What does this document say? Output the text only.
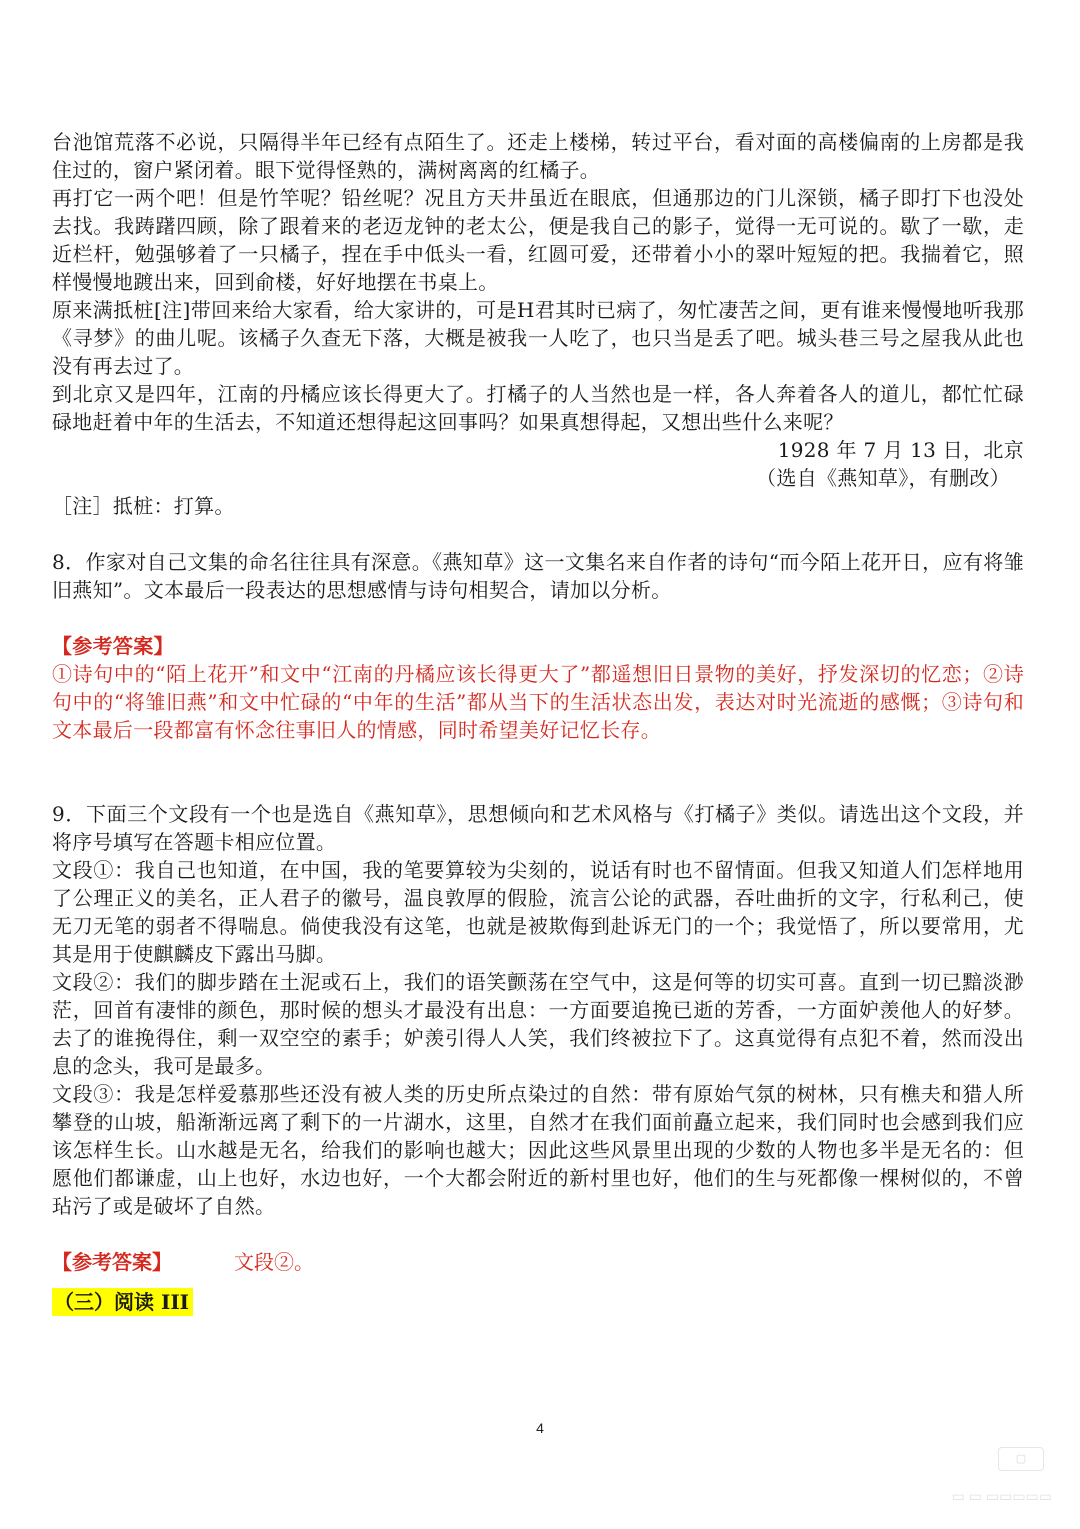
台池馆荒落不必说，只隔得半年已经有点陌生了。还走上楼梯，转过平台，看对面的高楼偏南的上房都是我住过的，窗户紧闭着。眼下觉得怪熟的，满树离离的红橘子。

再打它一两个吧！但是竹竿呢？铅丝呢？况且方天井虽近在眼底，但通那边的门儿深锁，橘子即打下也没处去找。我踌躇四顾，除了跟着来的老迈龙钟的老太公，便是我自己的影子，觉得一无可说的。歇了一歇，走近栏杆，勉强够着了一只橘子，捏在手中低头一看，红圆可爱，还带着小小的翠叶短短的把。我揣着它，照样慢慢地踱出来，回到俞楼，好好地摆在书桌上。

原来满抵桩[注]带回来给大家看，给大家讲的，可是H君其时已病了，匆忙凄苦之间，更有谁来慢慢地听我那《寻梦》的曲儿呢。该橘子久查无下落，大概是被我一人吃了，也只当是丢了吧。城头巷三号之屋我从此也没有再去过了。

到北京又是四年，江南的丹橘应该长得更大了。打橘子的人当然也是一样，各人奔着各人的道儿，都忙忙碌碌地赶着中年的生活去，不知道还想得起这回事吗？如果真想得起，又想出些什么来呢？

1928 年 7 月 13 日，北京

（选自《燕知草》，有删改）

［注］抵桩：打算。

8．作家对自己文集的命名往往具有深意。《燕知草》这一文集名来自作者的诗句“而今陌上花开日，应有将雏旧燕知”。文本最后一段表达的思想感情与诗句相契合，请加以分析。

【参考答案】

①诗句中的“陌上花开”和文中“江南的丹橘应该长得更大了”都遥想旧日景物的美好，抒发深切的忆恋；②诗句中的“将雏旧燕”和文中忙碌的“中年的生活”都从当下的生活状态出发，表达对时光流逝的感慨；③诗句和文本最后一段都富有怀念往事旧人的情感，同时希望美好记忆长存。

9．下面三个文段有一个也是选自《燕知草》，思想倾向和艺术风格与《打橘子》类似。请选出这个文段，并将序号填写在答题卡相应位置。

文段①：我自己也知道，在中国，我的笔要算较为尖刻的，说话有时也不留情面。但我又知道人们怎样地用了公理正义的美名，正人君子的徽号，温良敦厚的假脸，流言公论的武器，吞吐曲折的文字，行私利己，使无刀无笔的弱者不得喘息。倘使我没有这笔，也就是被欺侮到赴诉无门的一个；我觉悟了，所以要常用，尤其是用于使麒麟皮下露出马脚。

文段②：我们的脚步踏在土泥或石上，我们的语笑颤荡在空气中，这是何等的切实可喜。直到一切已黯淡渺茫，回首有凄悱的颜色，那时候的想头才最没有出息：一方面要追挽已逝的芳香，一方面妒羡他人的好梦。去了的谁挽得住，剩一双空空的素手；妒羡引得人人笑，我们终被拉下了。这真觉得有点犯不着，然而没出息的念头，我可是最多。

文段③：我是怎样爱慕那些还没有被人类的历史所点染过的自然：带有原始气氛的树林，只有樵夫和猎人所攀登的山坡，船渐渐远离了剩下的一片湖水，这里，自然才在我们面前矗立起来，我们同时也会感到我们应该怎样生长。山水越是无名，给我们的影响也越大；因此这些风景里出现的少数的人物也多半是无名的：但愿他们都谦虚，山上也好，水边也好，一个大都会附近的新村里也好，他们的生与死都像一棵树似的，不曾玷污了或是破坏了自然。

【参考答案】	文段②。

（三）阅读 III
4
▢
▭ ▭ ▭▭▭▭▭
